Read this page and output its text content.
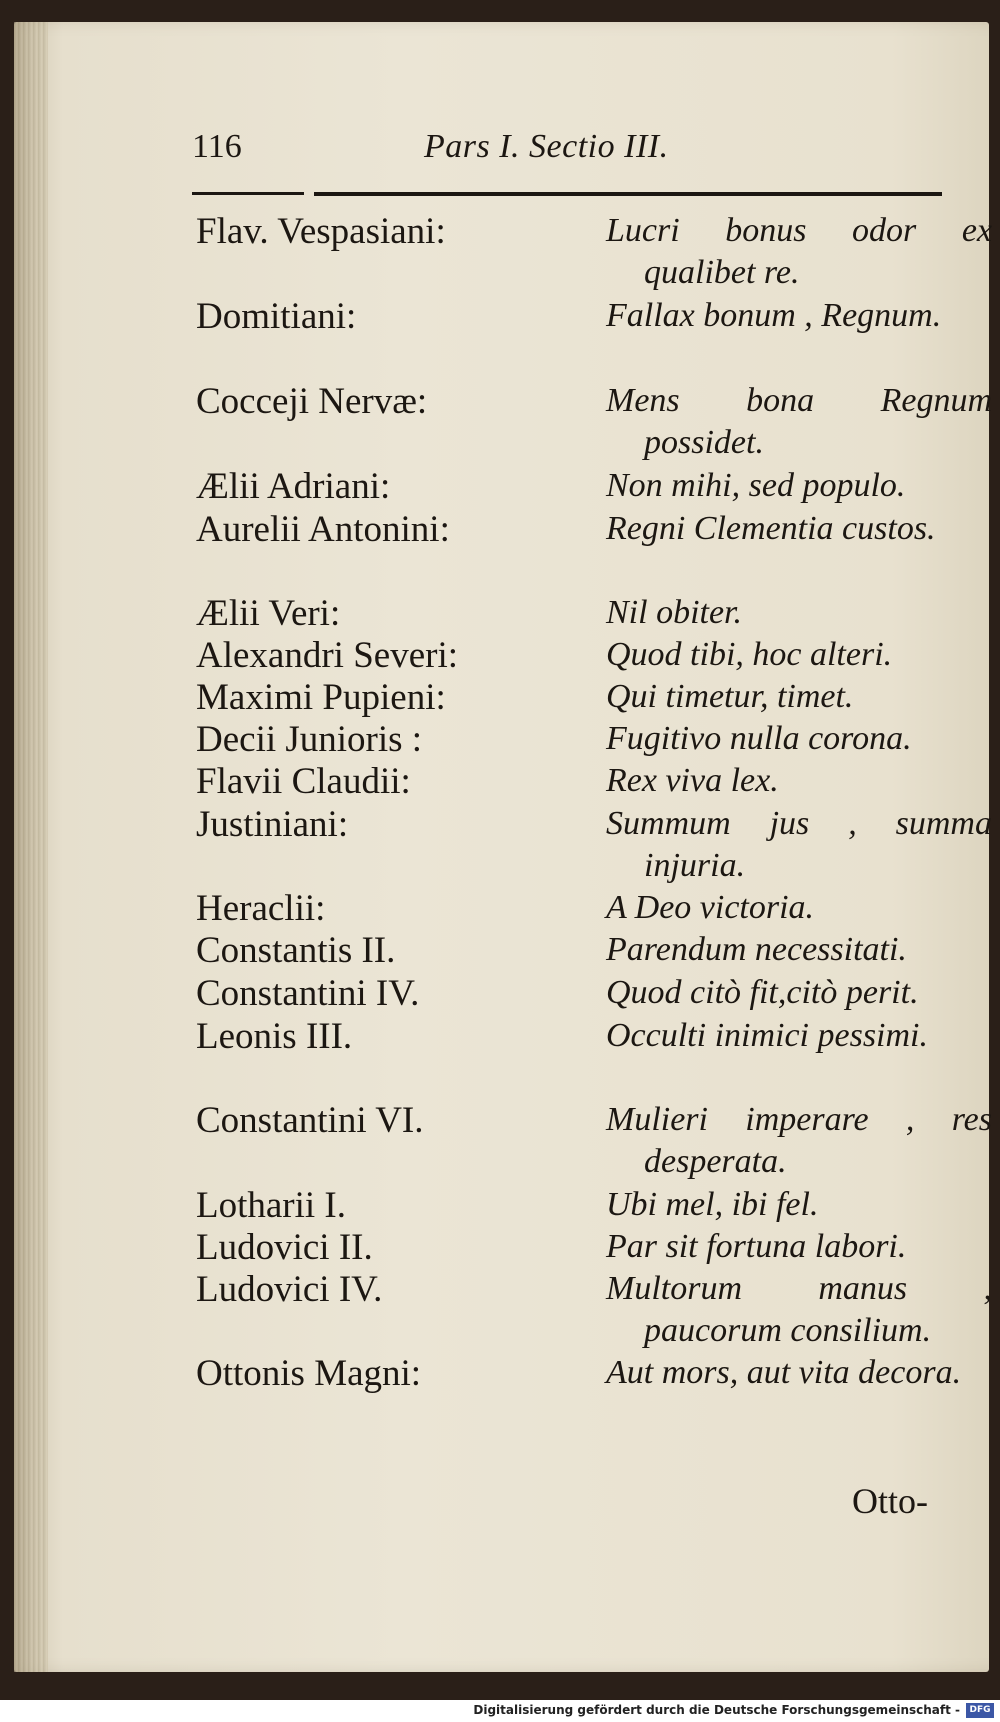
116	Pars I. Sectio III.
Flav. Vespasiani:	Lucri bonus odor ex qualibet re.
Domitiani:	Fallax bonum , Regnum.
Cocceji Nervæ:	Mens bona Regnum possidet.
Ælii Adriani:	Non mihi, sed populo.
Aurelii Antonini:	Regni Clementia custos.
Ælii Veri:	Nil obiter.
Alexandri Severi:	Quod tibi, hoc alteri.
Maximi Pupieni:	Qui timetur, timet.
Decii Junioris :	Fugitivo nulla corona.
Flavii Claudii:	Rex viva lex.
Justiniani:	Summum jus , summa injuria.
Heraclii:	A Deo victoria.
Constantis II.	Parendum necessitati.
Constantini IV.	Quod citò fit,citò perit.
Leonis III.	Occulti inimici pessimi.
Constantini VI.	Mulieri imperare , res desperata.
Lotharii I.	Ubi mel, ibi fel.
Ludovici II.	Par sit fortuna labori.
Ludovici IV.	Multorum manus , paucorum consilium.
Ottonis Magni:	Aut mors, aut vita decora.
Otto-
Digitalisierung gefördert durch die Deutsche Forschungsgemeinschaft -	DFG
